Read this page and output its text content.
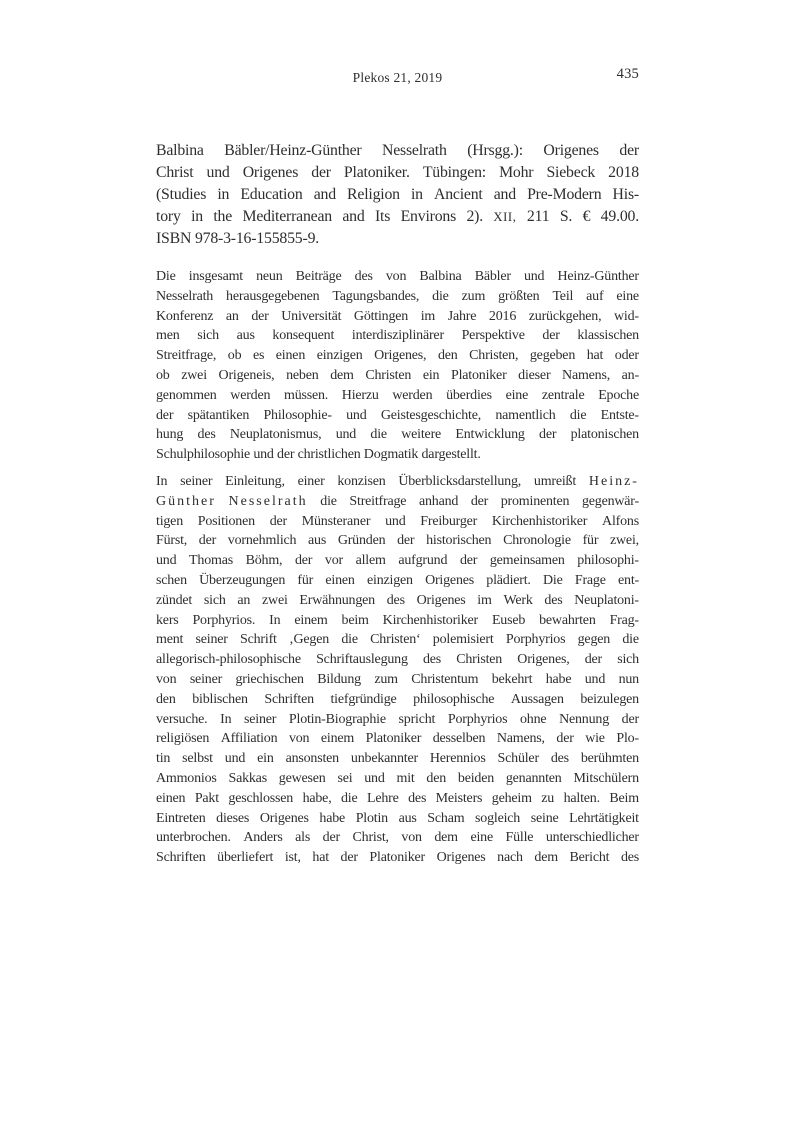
Plekos 21, 2019	435
Balbina Bäbler/Heinz-Günther Nesselrath (Hrsgg.): Origenes der
Christ und Origenes der Platoniker. Tübingen: Mohr Siebeck 2018
(Studies in Education and Religion in Ancient and Pre-Modern His-
tory in the Mediterranean and Its Environs 2). XII, 211 S. € 49.00.
ISBN 978-3-16-155855-9.
Die insgesamt neun Beiträge des von Balbina Bäbler und Heinz-Günther
Nesselrath herausgegebenen Tagungsbandes, die zum größten Teil auf eine
Konferenz an der Universität Göttingen im Jahre 2016 zurückgehen, wid-
men sich aus konsequent interdisziplinärer Perspektive der klassischen
Streitfrage, ob es einen einzigen Origenes, den Christen, gegeben hat oder
ob zwei Origeneis, neben dem Christen ein Platoniker dieser Namens, an-
genommen werden müssen. Hierzu werden überdies eine zentrale Epoche
der spätantiken Philosophie- und Geistesgeschichte, namentlich die Entste-
hung des Neuplatonismus, und die weitere Entwicklung der platonischen
Schulphilosophie und der christlichen Dogmatik dargestellt.
In seiner Einleitung, einer konzisen Überblicksdarstellung, umreißt Heinz-
Günther Nesselrath die Streitfrage anhand der prominenten gegenwär-
tigen Positionen der Münsteraner und Freiburger Kirchenhistoriker Alfons
Fürst, der vornehmlich aus Gründen der historischen Chronologie für zwei,
und Thomas Böhm, der vor allem aufgrund der gemeinsamen philosophi-
schen Überzeugungen für einen einzigen Origenes plädiert. Die Frage ent-
zündet sich an zwei Erwähnungen des Origenes im Werk des Neuplatoni-
kers Porphyrios. In einem beim Kirchenhistoriker Euseb bewahrten Frag-
ment seiner Schrift ‚Gegen die Christen‘ polemisiert Porphyrios gegen die
allegorisch-philosophische Schriftauslegung des Christen Origenes, der sich
von seiner griechischen Bildung zum Christentum bekehrt habe und nun
den biblischen Schriften tiefgründige philosophische Aussagen beizulegen
versuche. In seiner Plotin-Biographie spricht Porphyrios ohne Nennung der
religiösen Affiliation von einem Platoniker desselben Namens, der wie Plo-
tin selbst und ein ansonsten unbekannter Herennios Schüler des berühmten
Ammonios Sakkas gewesen sei und mit den beiden genannten Mitschülern
einen Pakt geschlossen habe, die Lehre des Meisters geheim zu halten. Beim
Eintreten dieses Origenes habe Plotin aus Scham sogleich seine Lehrtätigkeit
unterbrochen. Anders als der Christ, von dem eine Fülle unterschiedlicher
Schriften überliefert ist, hat der Platoniker Origenes nach dem Bericht des
